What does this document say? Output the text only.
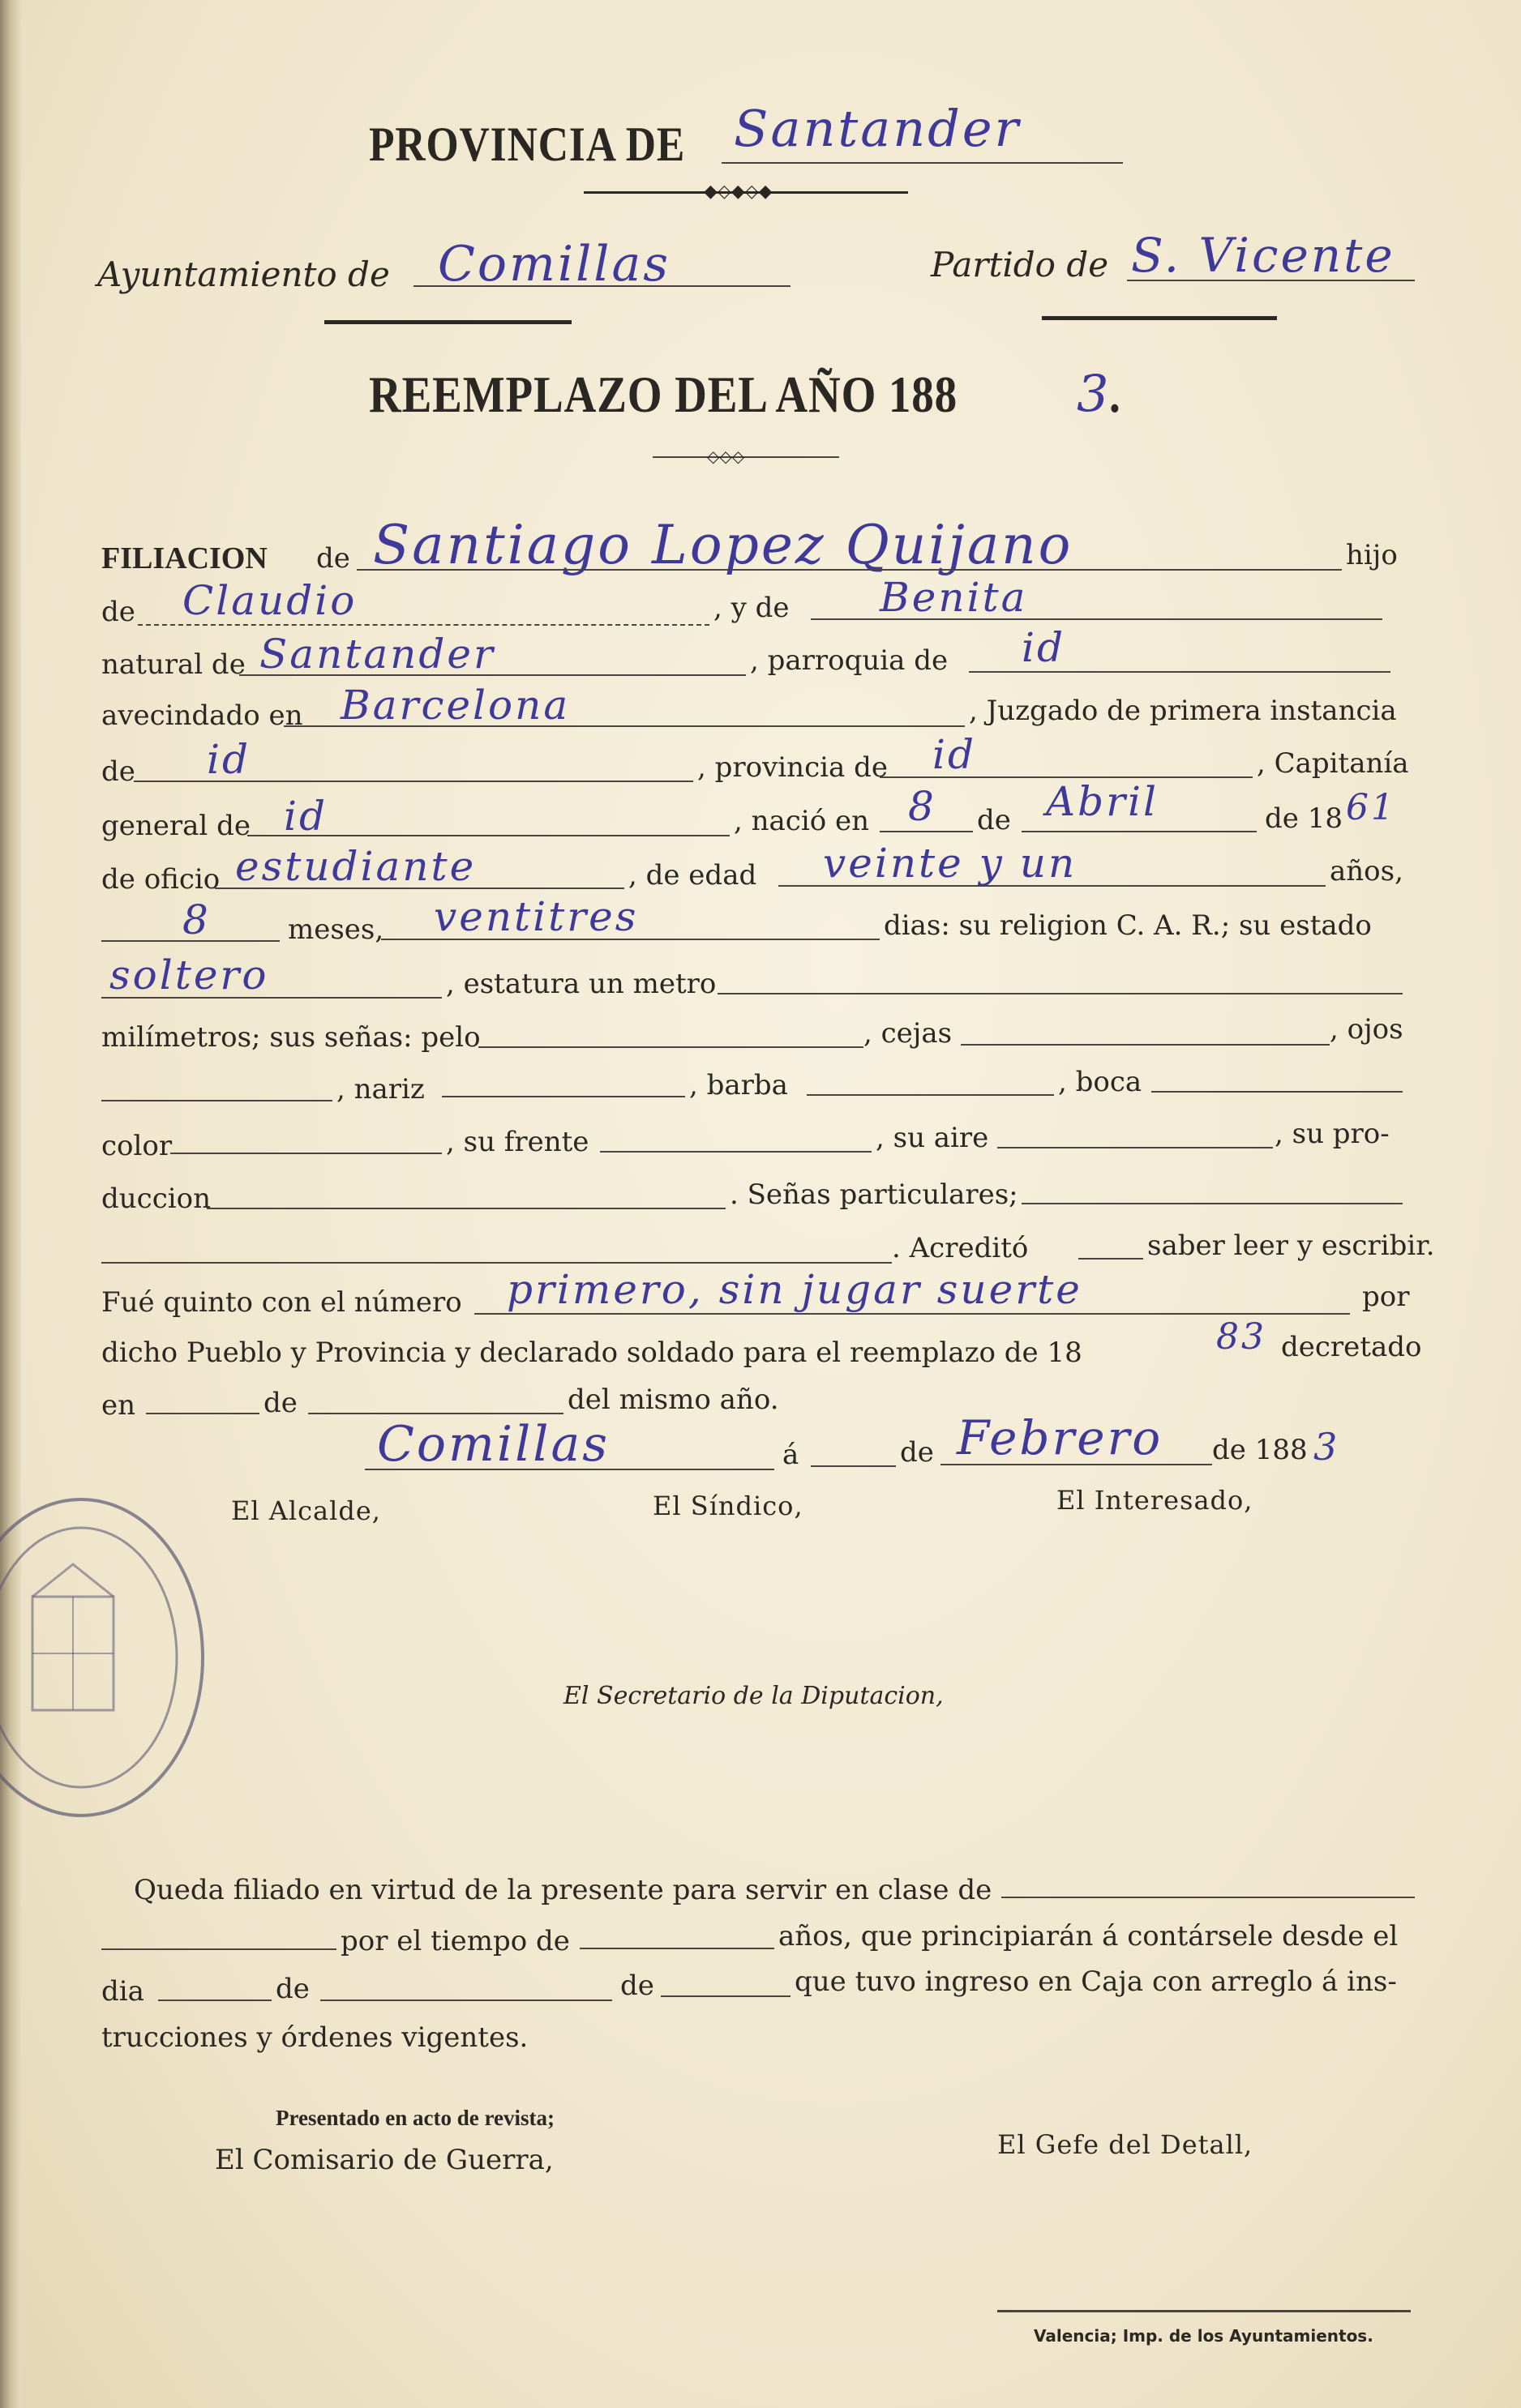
PROVINCIA DE Santander
◆◇◆◇◆
Ayuntamiento de Comillas	Partido de S. Vicente
REEMPLAZO DEL AÑO 188 3
.
◇◇◇
FILIACION de Santiago Lopez Quijano	hijo
de Claudio	, y de Benita
natural de Santander	, parroquia de id
avecindado en Barcelona	, Juzgado de primera instancia
de id	, provincia de id	, Capitanía
general de id	, nació en 8 de Abril	de 18 61
de oficio estudiante	, de edad veinte y un	años,
8	meses, ventitres	dias: su religion C. A. R.; su estado
soltero	, estatura un metro
milímetros; sus señas: pelo	, cejas	, ojos
, nariz	, barba	, boca
color	, su frente	, su aire	, su pro-
duccion	. Señas particulares;
. Acreditó	saber leer y escribir.
Fué quinto con el número primero, sin jugar suerte	por
dicho Pueblo y Provincia y declarado soldado para el reemplazo de 18	83 decretado
en	de	del mismo año.
Comillas	á	de Febrero de 188 3
El Alcalde,	El Síndico,	El Interesado,
El Secretario de la Diputacion,
Queda filiado en virtud de la presente para servir en clase de
por el tiempo de	años, que principiarán á contársele desde el
dia	de	de	que tuvo ingreso en Caja con arreglo á ins-
trucciones y órdenes vigentes.
Presentado en acto de revista;
El Comisario de Guerra,	El Gefe del Detall,
Valencia; Imp. de los Ayuntamientos.
